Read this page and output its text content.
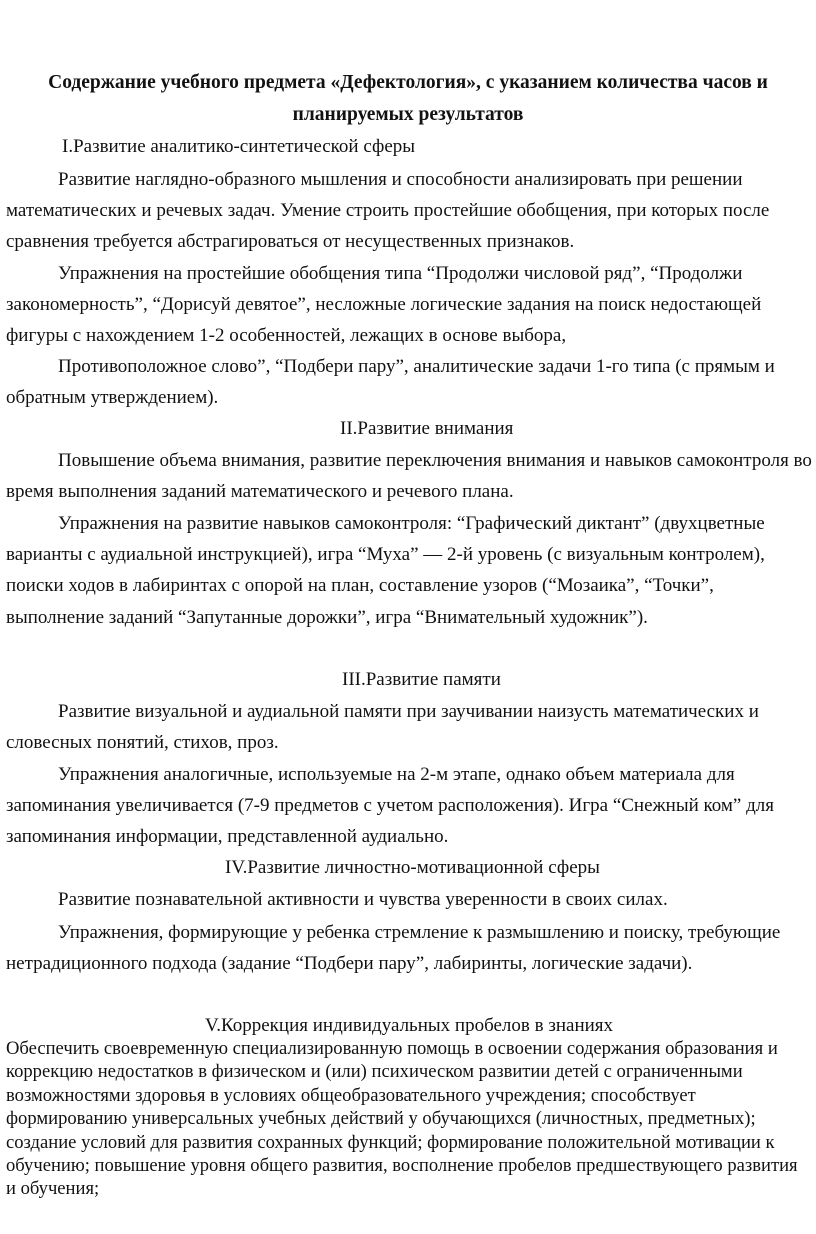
Содержание учебного предмета «Дефектология», с указанием количества часов и
планируемых результатов
I.Развитие аналитико-синтетической сферы
Развитие наглядно-образного мышления и способности анализировать при решении математических и речевых задач. Умение строить простейшие обобщения, при которых после сравнения требуется абстрагироваться от несущественных признаков.
Упражнения на простейшие обобщения типа “Продолжи числовой ряд”, “Продолжи закономерность”, “Дорисуй девятое”, несложные логические задания на поиск недостающей фигуры с нахождением 1-2 особенностей, лежащих в основе выбора,
Противоположное слово”, “Подбери пару”, аналитические задачи 1-го типа (с прямым и обратным утверждением).
II.Развитие внимания
Повышение объема внимания, развитие переключения внимания и навыков самоконтроля во время выполнения заданий математического и речевого плана.
Упражнения на развитие навыков самоконтроля: “Графический диктант” (двухцветные варианты с аудиальной инструкцией), игра “Муха” — 2-й уровень (с визуальным контролем), поиски ходов в лабиринтах с опорой на план, составление узоров (“Мозаика”, “Точки”, выполнение заданий “Запутанные дорожки”, игра “Внимательный художник”).
III.Развитие памяти
Развитие визуальной и аудиальной памяти при заучивании наизусть математических и словесных понятий, стихов, проз.
Упражнения аналогичные, используемые на 2-м этапе, однако объем материала для запоминания увеличивается (7-9 предметов с учетом расположения). Игра “Снежный ком” для запоминания информации, представленной аудиально.
IV.Развитие личностно-мотивационной сферы
Развитие познавательной активности и чувства уверенности в своих силах.
Упражнения, формирующие у ребенка стремление к размышлению и поиску, требующие нетрадиционного подхода (задание “Подбери пару”, лабиринты, логические задачи).
V.Коррекция индивидуальных пробелов в знаниях
Обеспечить своевременную специализированную помощь в освоении содержания образования и коррекцию недостатков в физическом и (или) психическом развитии детей с ограниченными возможностями здоровья в условиях общеобразовательного учреждения; способствует формированию универсальных учебных действий у обучающихся (личностных, предметных); создание условий для развития сохранных функций; формирование положительной мотивации к обучению; повышение уровня общего развития, восполнение пробелов предшествующего развития и обучения;
